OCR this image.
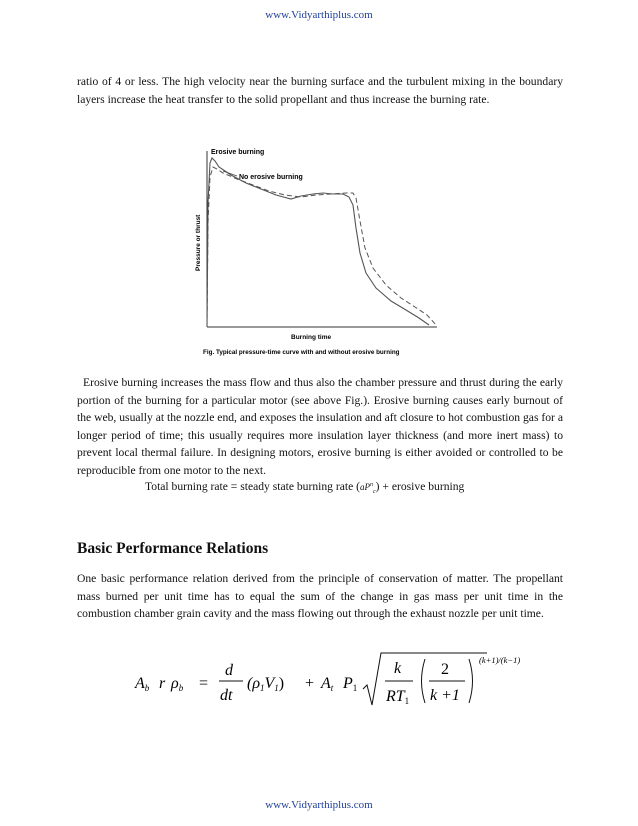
www.Vidyarthiplus.com

ratio of 4 or less. The high velocity near the burning surface and the turbulent mixing in the boundary layers increase the heat transfer to the solid propellant and thus increase the burning rate.

Erosive burning
No erosive burning
Pressure or thrust
Burning time
Fig. Typical pressure-time curve with and without erosive burning

Erosive burning increases the mass flow and thus also the chamber pressure and thrust during the early portion of the burning for a particular motor (see above Fig.). Erosive burning causes early burnout of the web, usually at the nozzle end, and exposes the insulation and aft closure to hot combustion gas for a longer period of time; this usually requires more insulation layer thickness (and more inert mass) to prevent local thermal failure. In designing motors, erosive burning is either avoided or controlled to be reproducible from one motor to the next.

Total burning rate = steady state burning rate $(aP^n_c)$ + erosive burning
Basic Performance Relations

One basic performance relation derived from the principle of conservation of matter. The propellant mass burned per unit time has to equal the sum of the change in gas mass per unit time in the combustion chamber grain cavity and the mass flowing out through the exhaust nozzle per unit time.

Ab r ρb =
d
dt
(ρ1V1) + At P1
k
RT1
2
k +1
(k+1)/(k−1)
www.Vidyarthiplus.com
